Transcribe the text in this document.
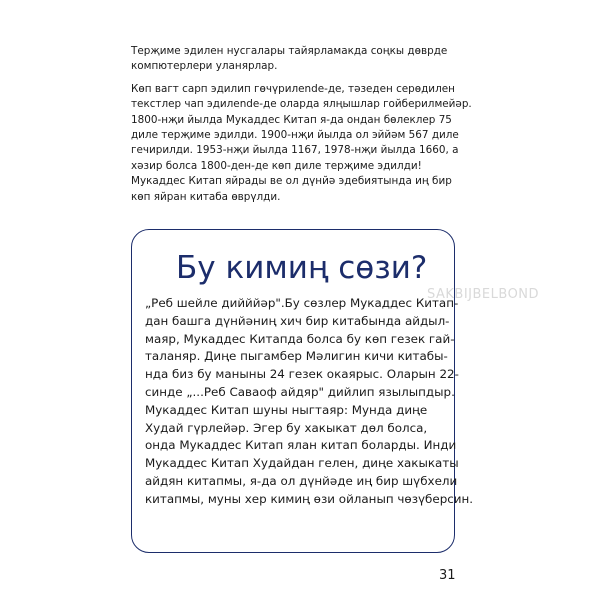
Терҗиме эдилен нусгалары тайярламакда соңкы дөврде компютерлери уланярлар.

Көп вагт сарп эдилип гөчүрилende-де, тәзеден серөдилен текстлер чап эдилende-де оларда ялңышлар гойберилмейәр. 1800-нҗи йылда Мукаддес Китап я-да ондан бөлеклер 75 диле терҗиме эдилди. 1900-нҗи йылда ол эййәм 567 диле гечирилди. 1953-нҗи йылда 1167, 1978-нҗи йылда 1660, а хәзир болса 1800-ден-де көп диле терҗиме эдилди! Мукаддес Китап яйрады ве ол дүнйә эдебиятында иң бир көп яйран китаба өврүлди.

Бу кимиң сөзи?
SAKBIJBELBOND
„Реб шейле дийййәр".Бу сөзлер Мукаддес Китап-
дан башга дүнйәниң хич бир китабында айдыл-
маяр, Мукаддес Китапда болса бу көп гезек гай-
таланяр. Диңе пыгамбер Мәлигин кичи китабы-
нда биз бу маныны 24 гезек окаярыс. Оларын 22-
синде „...Реб Саваоф айдяр" дийлип язылыпдыр.
Мукаддес Китап шуны ныгтаяр: Мунда диңе
Худай гүрлейәр. Эгер бу хакыкат дөл болса,
онда Мукаддес Китап ялан китап боларды. Инди
Мукаддес Китап Худайдан гелен, диңе хакыкаты
айдян китапмы, я-да ол дүнйәде иң бир шүбхели
китапмы, муны хер кимиң өзи ойланып чөзүберсин.
31
